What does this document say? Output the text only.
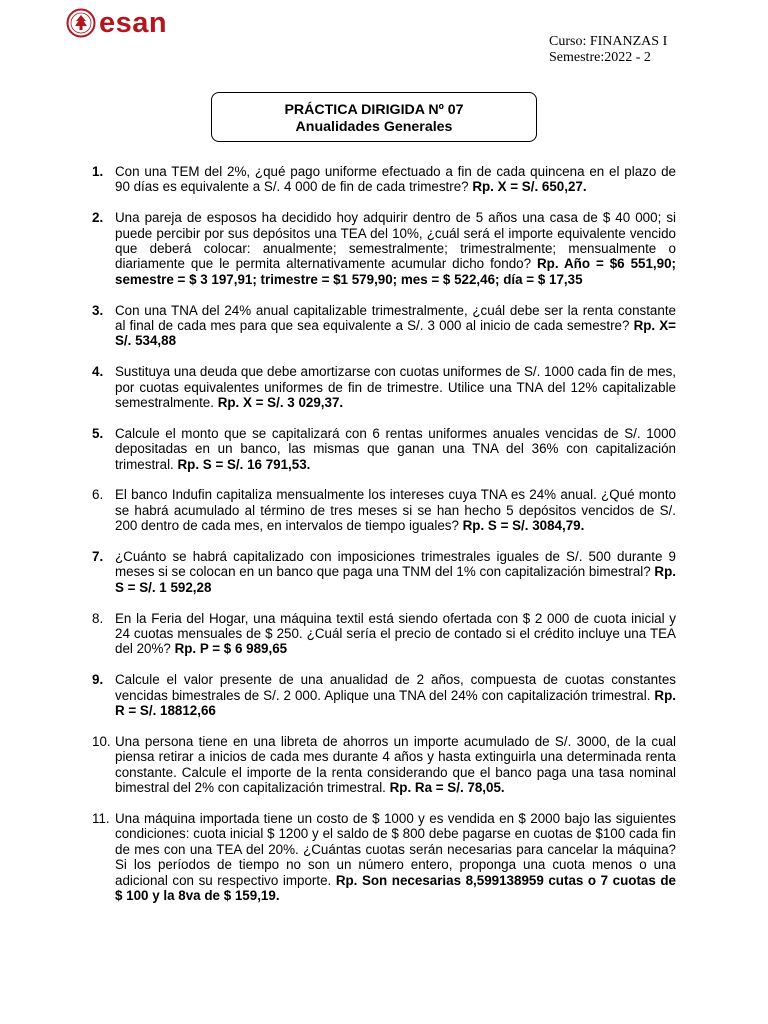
esan
Curso: FINANZAS I
Semestre:2022 - 2
PRÁCTICA DIRIGIDA Nº 07
Anualidades Generales
1. Con una TEM del 2%, ¿qué pago uniforme efectuado a fin de cada quincena en el plazo de 90 días es equivalente a S/. 4 000 de fin de cada trimestre? Rp. X = S/. 650,27.
2. Una pareja de esposos ha decidido hoy adquirir dentro de 5 años una casa de $ 40 000; si puede percibir por sus depósitos una TEA del 10%, ¿cuál será el importe equivalente vencido que deberá colocar: anualmente; semestralmente; trimestralmente; mensualmente o diariamente que le permita alternativamente acumular dicho fondo? Rp. Año = $6 551,90; semestre = $ 3 197,91; trimestre = $1 579,90; mes = $ 522,46; día = $ 17,35
3. Con una TNA del 24% anual capitalizable trimestralmente, ¿cuál debe ser la renta constante al final de cada mes para que sea equivalente a S/. 3 000 al inicio de cada semestre? Rp. X= S/. 534,88
4. Sustituya una deuda que debe amortizarse con cuotas uniformes de S/. 1000 cada fin de mes, por cuotas equivalentes uniformes de fin de trimestre. Utilice una TNA del 12% capitalizable semestralmente. Rp. X = S/. 3 029,37.
5. Calcule el monto que se capitalizará con 6 rentas uniformes anuales vencidas de S/. 1000 depositadas en un banco, las mismas que ganan una TNA del 36% con capitalización trimestral. Rp. S = S/. 16 791,53.
6. El banco Indufin capitaliza mensualmente los intereses cuya TNA es 24% anual. ¿Qué monto se habrá acumulado al término de tres meses si se han hecho 5 depósitos vencidos de S/. 200 dentro de cada mes, en intervalos de tiempo iguales? Rp. S = S/. 3084,79.
7. ¿Cuánto se habrá capitalizado con imposiciones trimestrales iguales de S/. 500 durante 9 meses si se colocan en un banco que paga una TNM del 1% con capitalización bimestral? Rp. S = S/. 1 592,28
8. En la Feria del Hogar, una máquina textil está siendo ofertada con $ 2 000 de cuota inicial y 24 cuotas mensuales de $ 250. ¿Cuál sería el precio de contado si el crédito incluye una TEA del 20%? Rp. P = $ 6 989,65
9. Calcule el valor presente de una anualidad de 2 años, compuesta de cuotas constantes vencidas bimestrales de S/. 2 000. Aplique una TNA del 24% con capitalización trimestral. Rp. R = S/. 18812,66
10. Una persona tiene en una libreta de ahorros un importe acumulado de S/. 3000, de la cual piensa retirar a inicios de cada mes durante 4 años y hasta extinguirla una determinada renta constante. Calcule el importe de la renta considerando que el banco paga una tasa nominal bimestral del 2% con capitalización trimestral. Rp. Ra = S/. 78,05.
11. Una máquina importada tiene un costo de $ 1000 y es vendida en $ 2000 bajo las siguientes condiciones: cuota inicial $ 1200 y el saldo de $ 800 debe pagarse en cuotas de $100 cada fin de mes con una TEA del 20%. ¿Cuántas cuotas serán necesarias para cancelar la máquina? Si los períodos de tiempo no son un número entero, proponga una cuota menos o una adicional con su respectivo importe. Rp. Son necesarias 8,599138959 cutas o 7 cuotas de $ 100 y la 8va de $ 159,19.
